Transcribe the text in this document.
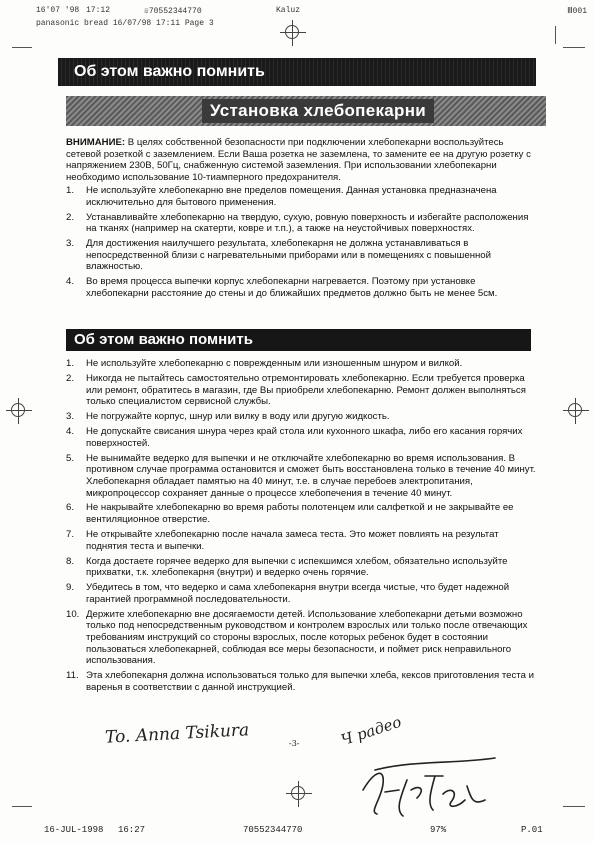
16'07 '98 17:12	☏70552344770	Kaluz
panasonic bread 16/07/98 17:11 Page 3
Ⅲ001
Об этом важно помнить
Установка хлебопекарни
ВНИМАНИЕ: В целях собственной безопасности при подключении хлебопекарни воспользуйтесь сетевой розеткой с заземлением. Если Ваша розетка не заземлена, то замените ее на другую розетку с напряжением 230В, 50Гц, снабженную системой заземления. При использовании хлебопекарни необходимо использование 10-тиамперного предохранителя.
1. Не используйте хлебопекарню вне пределов помещения. Данная установка предназначена исключительно для бытового применения.
2. Устанавливайте хлебопекарню на твердую, сухую, ровную поверхность и избегайте расположения на тканях (например на скатерти, ковре и т.п.), а также на неустойчивых поверхностях.
3. Для достижения наилучшего результата, хлебопекарня не должна устанавливаться в непосредственной близи с нагревательными приборами или в помещениях с повышенной влажностью.
4. Во время процесса выпечки корпус хлебопекарни нагревается. Поэтому при установке хлебопекарни расстояние до стены и до ближайших предметов должно быть не менее 5см.
Об этом важно помнить
1. Не используйте хлебопекарню с поврежденным или изношенным шнуром и вилкой.
2. Никогда не пытайтесь самостоятельно отремонтировать хлебопекарню. Если требуется проверка или ремонт, обратитесь в магазин, где Вы приобрели хлебопекарню. Ремонт должен выполняться только специалистом сервисной службы.
3. Не погружайте корпус, шнур или вилку в воду или другую жидкость.
4. Не допускайте свисания шнура через край стола или кухонного шкафа, либо его касания горячих поверхностей.
5. Не вынимайте ведерко для выпечки и не отключайте хлебопекарню во время использования. В противном случае программа остановится и сможет быть восстановлена только в течение 40 минут. Хлебопекарня обладает памятью на 40 минут, т.е. в случае перебоев электропитания, микропроцессор сохраняет данные о процессе хлебопечения в течение 40 минут.
6. Не накрывайте хлебопекарню во время работы полотенцем или салфеткой и не закрывайте ее вентиляционное отверстие.
7. Не открывайте хлебопекарню после начала замеса теста. Это может повлиять на результат поднятия теста и выпечки.
8. Когда достаете горячее ведерко для выпечки с испекшимся хлебом, обязательно используйте прихватки, т.к. хлебопекарня (внутри) и ведерко очень горячие.
9. Убедитесь в том, что ведерко и сама хлебопекарня внутри всегда чистые, что будет надежной гарантией программной последовательности.
10. Держите хлебопекарню вне досягаемости детей. Использование хлебопекарни детьми возможно только под непосредственным руководством и контролем взрослых или только после отвечающих требованиям инструкций со стороны взрослых, после которых ребенок будет в состоянии пользоваться хлебопекарней, соблюдая все меры безопасности, и поймет риск неправильного использования.
11. Эта хлебопекарня должна использоваться только для выпечки хлеба, кексов приготовления теста и варенья в соответствии с данной инструкцией.
To. Anna Tsikura	-3-	Ч радео
16-JUL-1998 16:27	70552344770	97%	P.01
